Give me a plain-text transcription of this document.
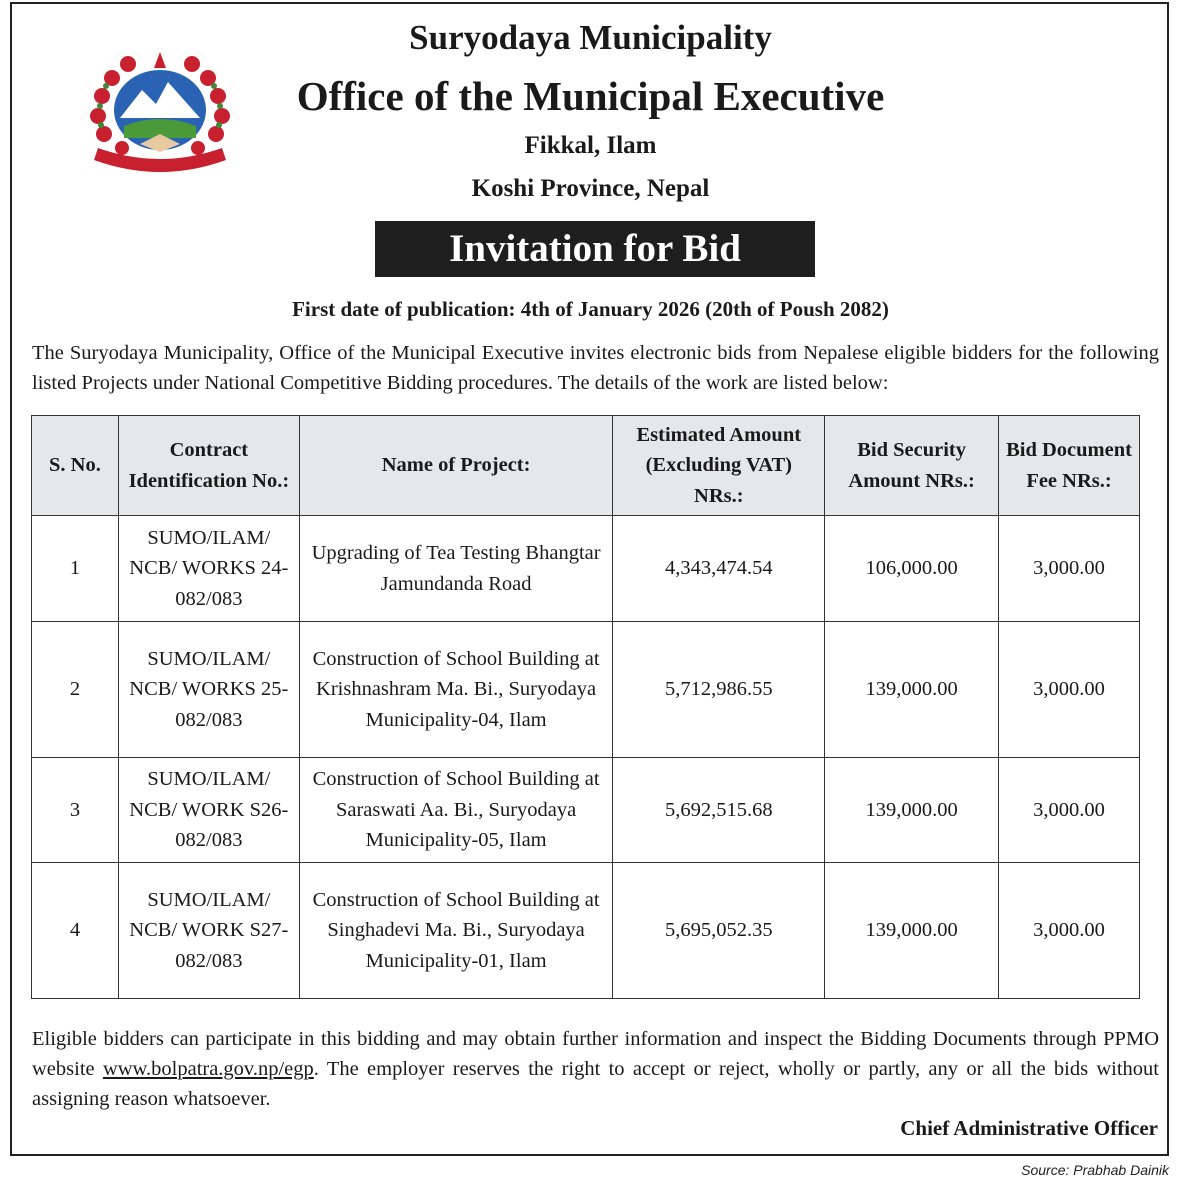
Suryodaya Municipality

Office of the Municipal Executive

Fikkal, Ilam

Koshi Province, Nepal

Invitation for Bid

First date of publication: 4th of January 2026 (20th of Poush 2082)

The Suryodaya Municipality, Office of the Municipal Executive invites electronic bids from Nepalese eligible bidders for the following listed Projects under National Competitive Bidding procedures. The details of the work are listed below:

S. No.	Contract Identification No.:	Name of Project:	Estimated Amount (Excluding VAT) NRs.:	Bid Security Amount NRs.:	Bid Document Fee NRs.:
1	SUMO/ILAM/ NCB/ WORKS 24-082/083	Upgrading of Tea Testing Bhangtar Jamundanda Road	4,343,474.54	106,000.00	3,000.00
2	SUMO/ILAM/ NCB/ WORKS 25-082/083	Construction of School Building at Krishnashram Ma. Bi., Suryodaya Municipality-04, Ilam	5,712,986.55	139,000.00	3,000.00
3	SUMO/ILAM/ NCB/ WORK S26-082/083	Construction of School Building at Saraswati Aa. Bi., Suryodaya Municipality-05, Ilam	5,692,515.68	139,000.00	3,000.00
4	SUMO/ILAM/ NCB/ WORK S27-082/083	Construction of School Building at Singhadevi Ma. Bi., Suryodaya Municipality-01, Ilam	5,695,052.35	139,000.00	3,000.00

Eligible bidders can participate in this bidding and may obtain further information and inspect the Bidding Documents through PPMO website www.bolpatra.gov.np/egp. The employer reserves the right to accept or reject, wholly or partly, any or all the bids without assigning reason whatsoever.

Chief Administrative Officer
Source: Prabhab Dainik
